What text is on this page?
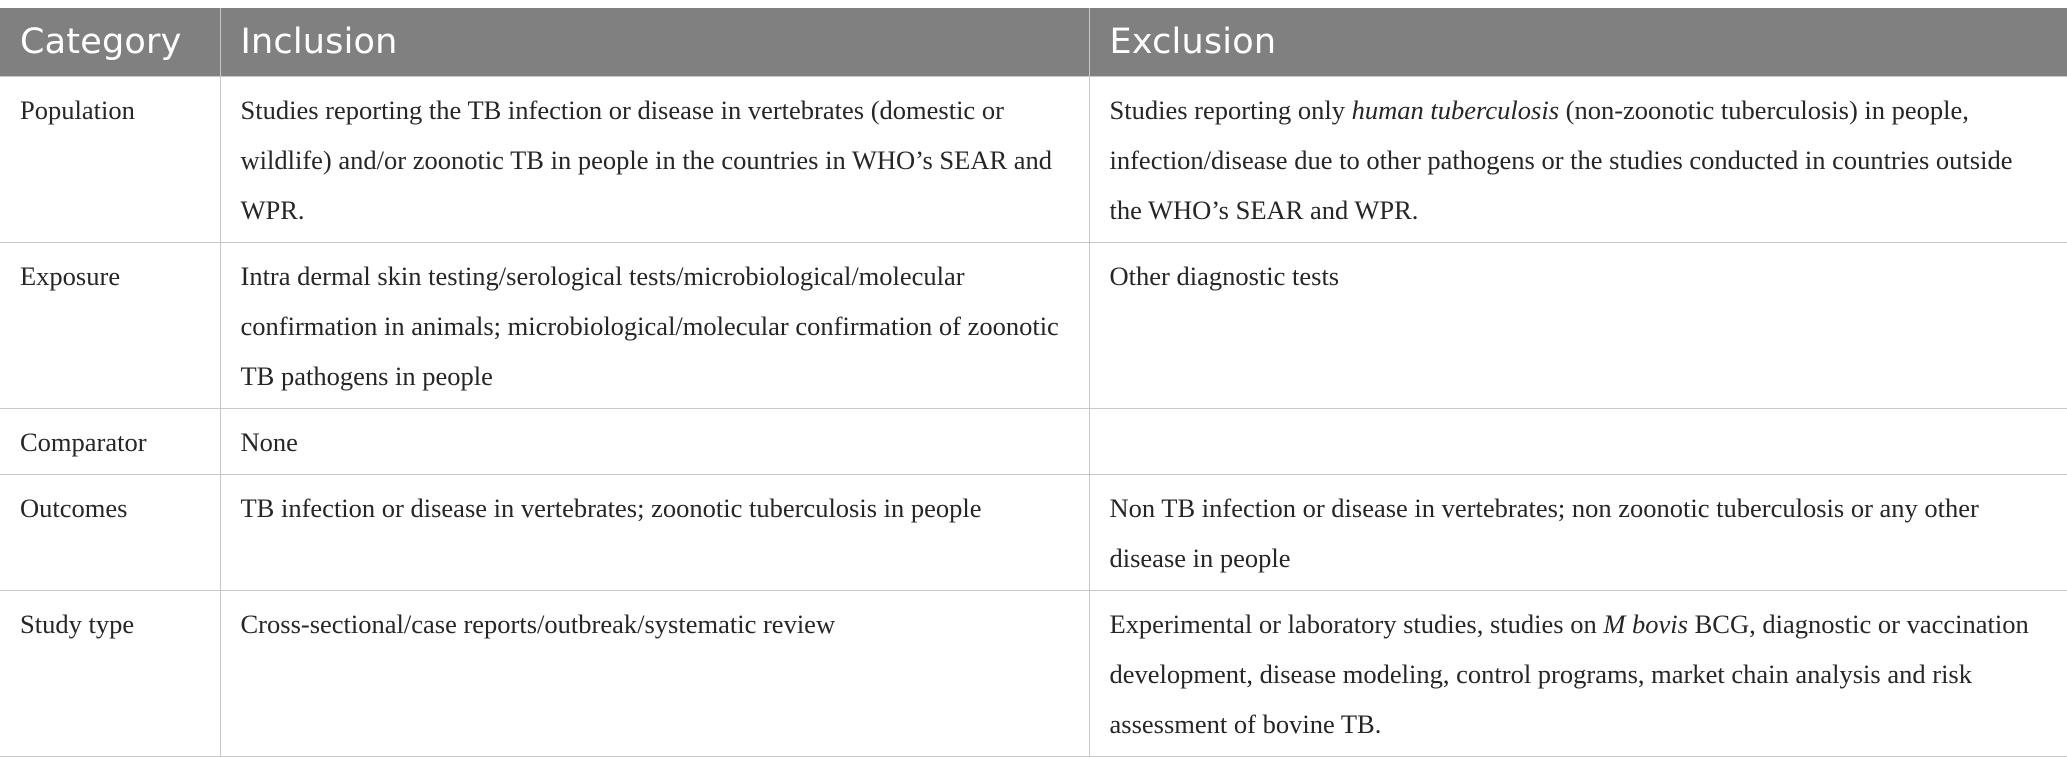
Category	Inclusion	Exclusion
Population	Studies reporting the TB infection or disease in vertebrates (domestic or wildlife) and/or zoonotic TB in people in the countries in WHO’s SEAR and WPR.	Studies reporting only human tuberculosis (non-zoonotic tuberculosis) in people, infection/disease due to other pathogens or the studies conducted in countries outside the WHO’s SEAR and WPR.
Exposure	Intra dermal skin testing/serological tests/microbiological/molecular confirmation in animals; microbiological/molecular confirmation of zoonotic TB pathogens in people	Other diagnostic tests
Comparator	None	
Outcomes	TB infection or disease in vertebrates; zoonotic tuberculosis in people	Non TB infection or disease in vertebrates; non zoonotic tuberculosis or any other disease in people
Study type	Cross-sectional/case reports/outbreak/systematic review	Experimental or laboratory studies, studies on M bovis BCG, diagnostic or vaccination development, disease modeling, control programs, market chain analysis and risk assessment of bovine TB.
